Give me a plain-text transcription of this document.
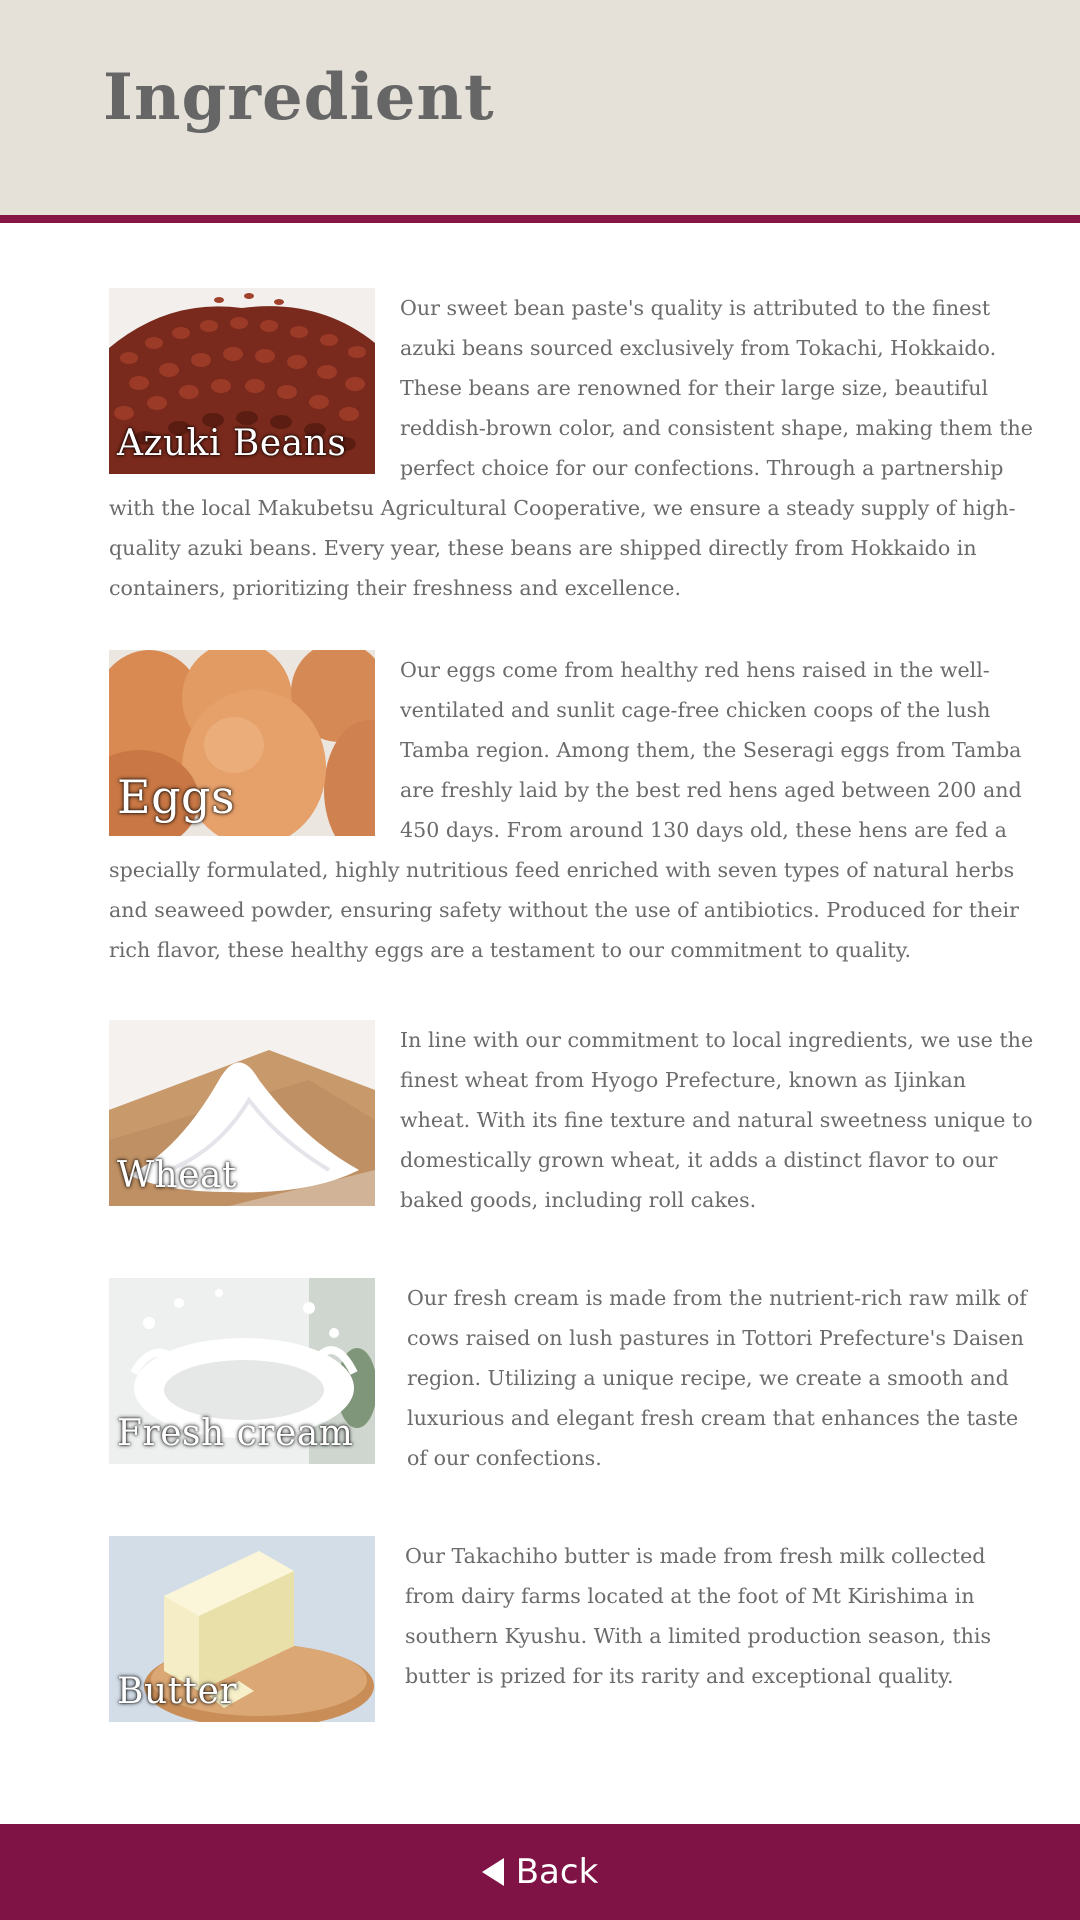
Ingredient
Azuki Beans

Our sweet bean paste's quality is attributed to the finest azuki beans sourced exclusively from Tokachi, Hokkaido. These beans are renowned for their large size, beautiful reddish-brown color, and consistent shape, making them the perfect choice for our confections. Through a partnership with the local Makubetsu Agricultural Cooperative, we ensure a steady supply of high-quality azuki beans. Every year, these beans are shipped directly from Hokkaido in containers, prioritizing their freshness and excellence.

Eggs

Our eggs come from healthy red hens raised in the well-ventilated and sunlit cage-free chicken coops of the lush Tamba region. Among them, the Seseragi eggs from Tamba are freshly laid by the best red hens aged between 200 and 450 days. From around 130 days old, these hens are fed a specially formulated, highly nutritious feed enriched with seven types of natural herbs and seaweed powder, ensuring safety without the use of antibiotics. Produced for their rich flavor, these healthy eggs are a testament to our commitment to quality.

Wheat

In line with our commitment to local ingredients, we use the finest wheat from Hyogo Prefecture, known as Ijinkan wheat. With its fine texture and natural sweetness unique to domestically grown wheat, it adds a distinct flavor to our baked goods, including roll cakes.

Fresh cream

Our fresh cream is made from the nutrient-rich raw milk of cows raised on lush pastures in Tottori Prefecture's Daisen region. Utilizing a unique recipe, we create a smooth and luxurious and elegant fresh cream that enhances the taste of our confections.

Butter

Our Takachiho butter is made from fresh milk collected from dairy farms located at the foot of Mt Kirishima in southern Kyushu. With a limited production season, this butter is prized for its rarity and exceptional quality.

Back
